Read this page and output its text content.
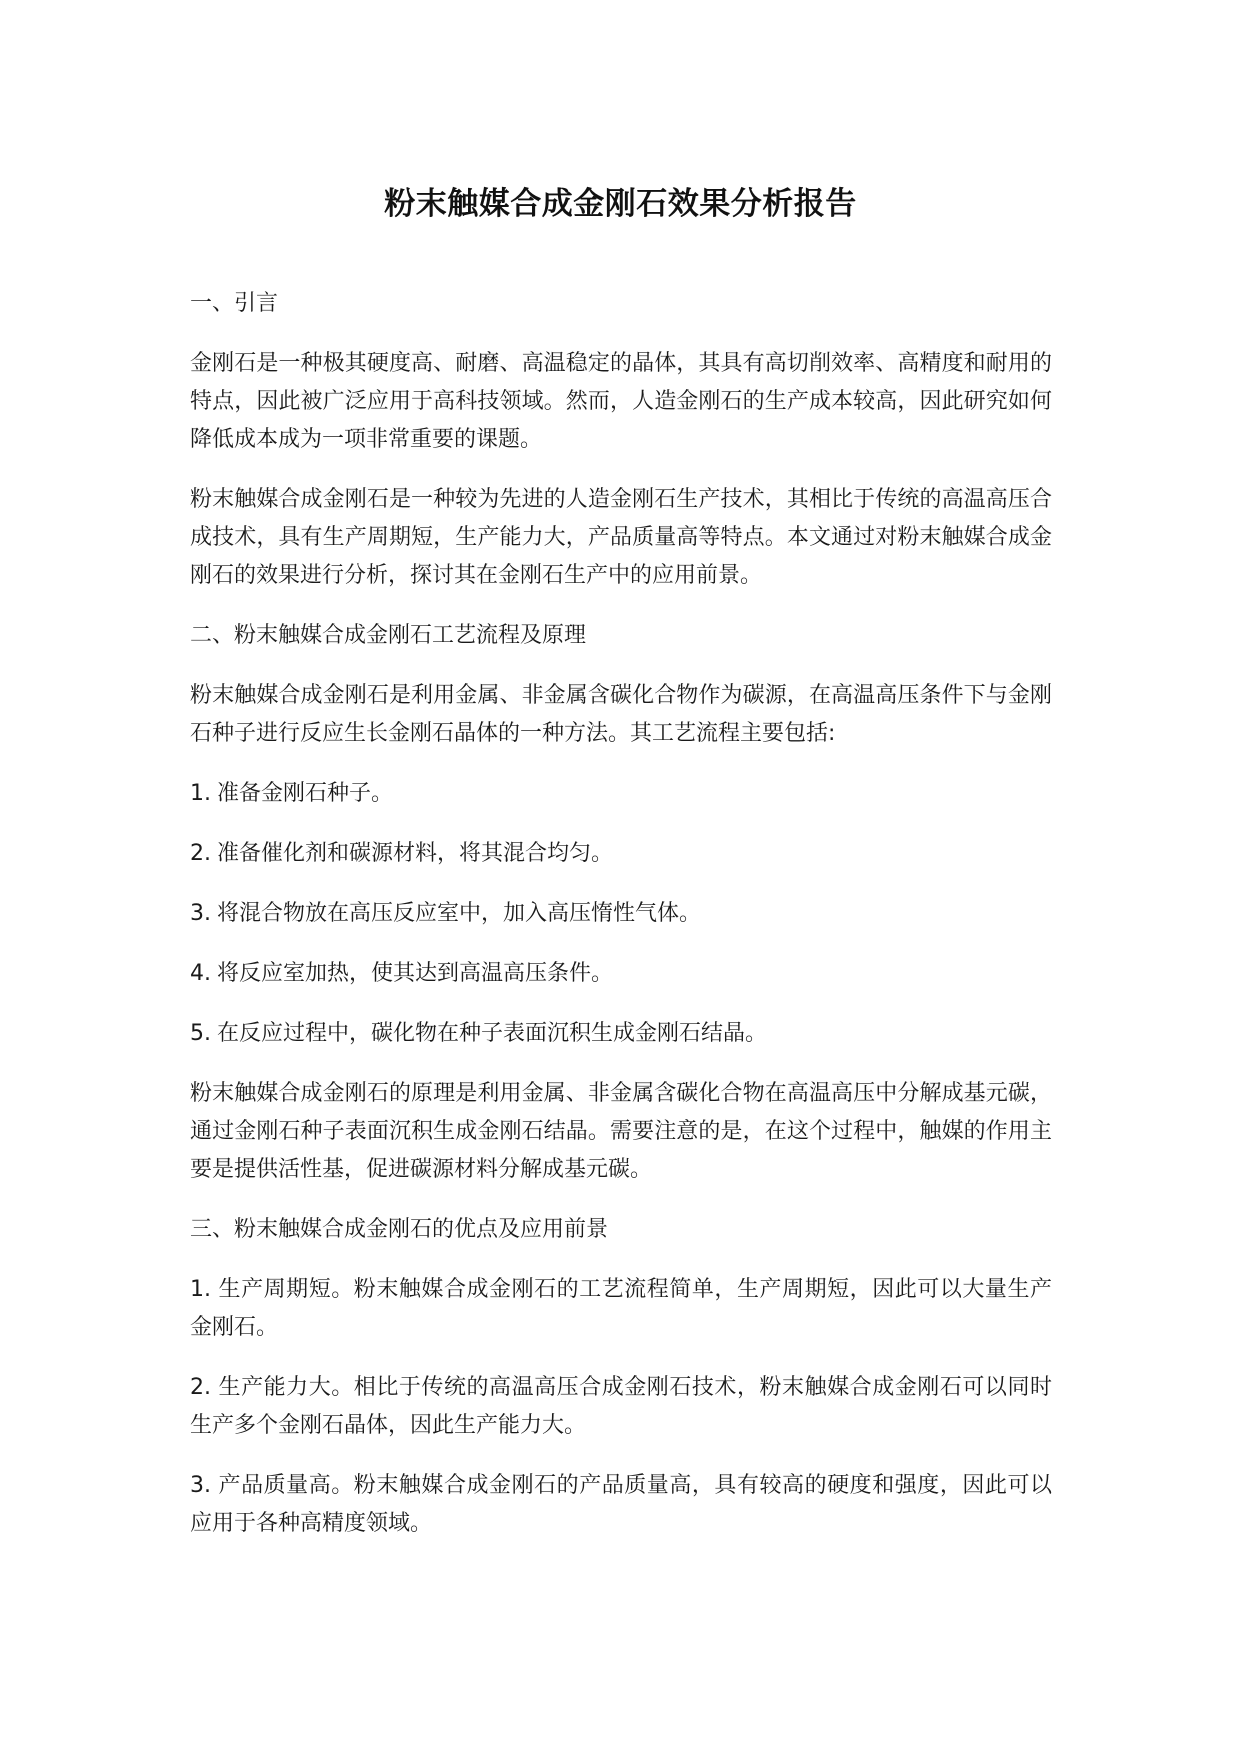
粉末触媒合成金刚石效果分析报告
一、引言
金刚石是一种极其硬度高、耐磨、高温稳定的晶体，其具有高切削效率、高精度和耐用的特点，因此被广泛应用于高科技领域。然而，人造金刚石的生产成本较高，因此研究如何降低成本成为一项非常重要的课题。
粉末触媒合成金刚石是一种较为先进的人造金刚石生产技术，其相比于传统的高温高压合成技术，具有生产周期短，生产能力大，产品质量高等特点。本文通过对粉末触媒合成金刚石的效果进行分析，探讨其在金刚石生产中的应用前景。
二、粉末触媒合成金刚石工艺流程及原理
粉末触媒合成金刚石是利用金属、非金属含碳化合物作为碳源，在高温高压条件下与金刚石种子进行反应生长金刚石晶体的一种方法。其工艺流程主要包括:
1. 准备金刚石种子。
2. 准备催化剂和碳源材料，将其混合均匀。
3. 将混合物放在高压反应室中，加入高压惰性气体。
4. 将反应室加热，使其达到高温高压条件。
5. 在反应过程中，碳化物在种子表面沉积生成金刚石结晶。
粉末触媒合成金刚石的原理是利用金属、非金属含碳化合物在高温高压中分解成基元碳，通过金刚石种子表面沉积生成金刚石结晶。需要注意的是，在这个过程中，触媒的作用主要是提供活性基，促进碳源材料分解成基元碳。
三、粉末触媒合成金刚石的优点及应用前景
1. 生产周期短。粉末触媒合成金刚石的工艺流程简单，生产周期短，因此可以大量生产金刚石。
2. 生产能力大。相比于传统的高温高压合成金刚石技术，粉末触媒合成金刚石可以同时生产多个金刚石晶体，因此生产能力大。
3. 产品质量高。粉末触媒合成金刚石的产品质量高，具有较高的硬度和强度，因此可以应用于各种高精度领域。
